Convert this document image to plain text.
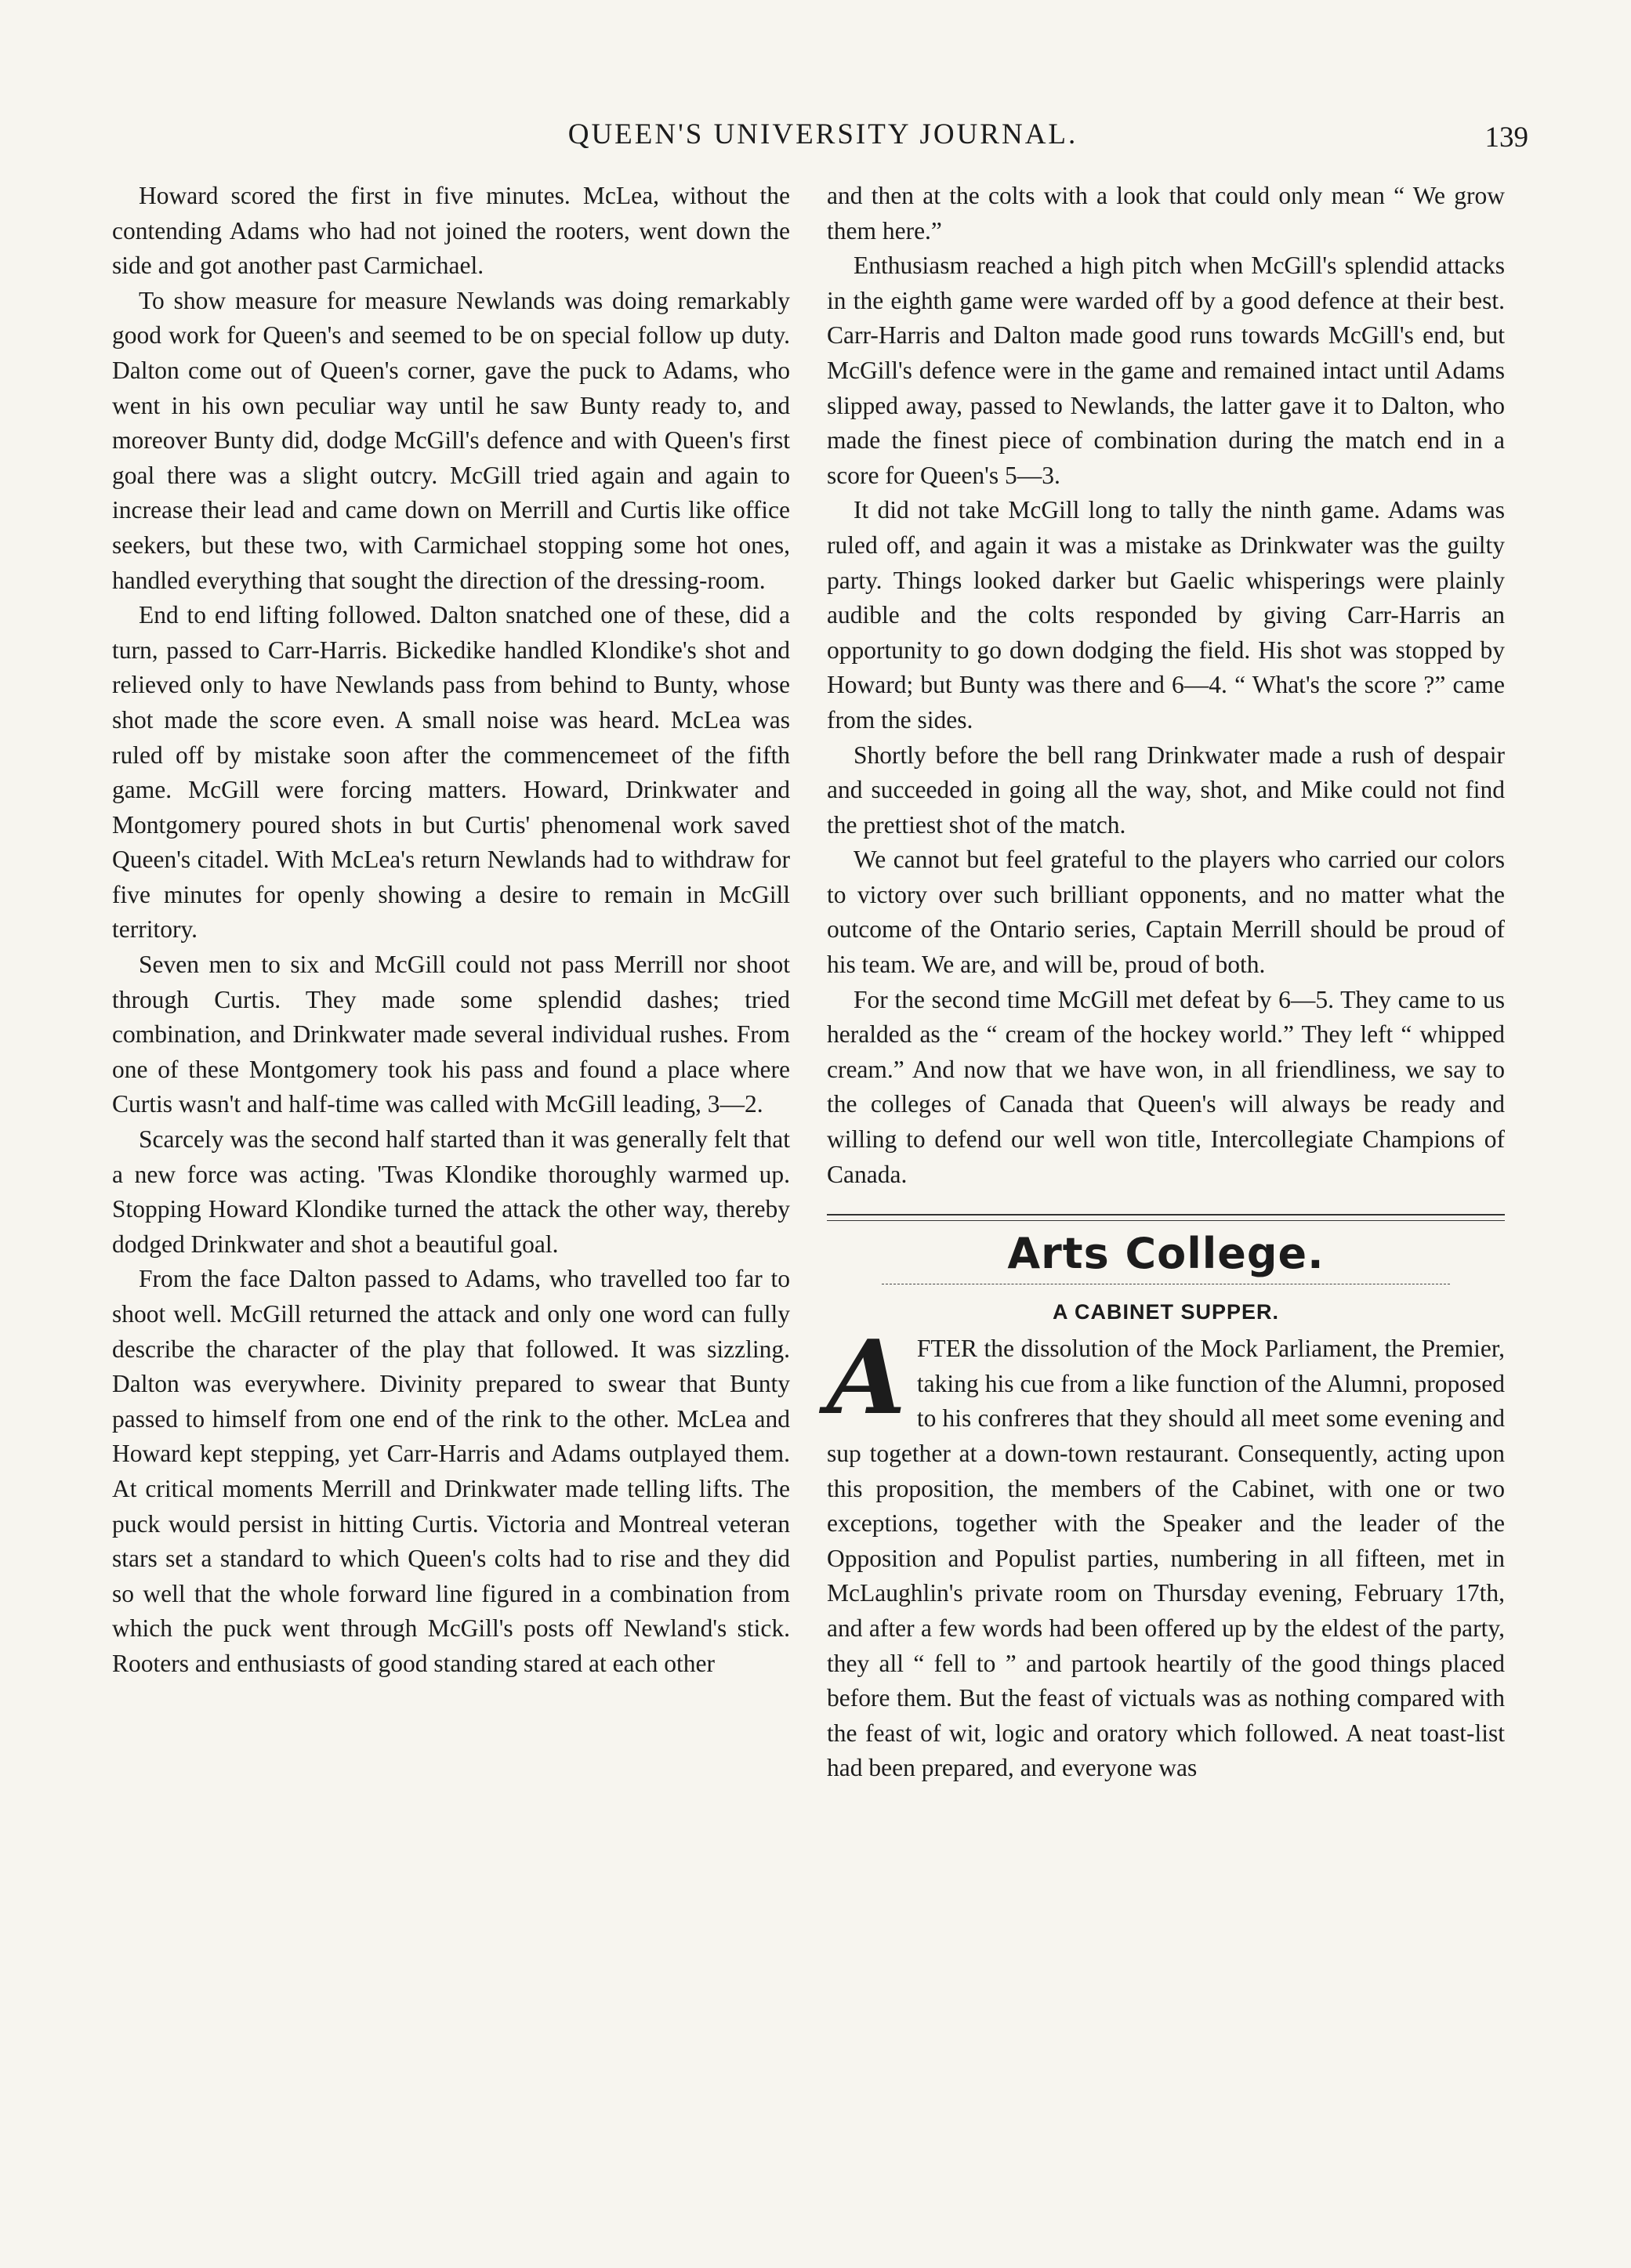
QUEEN'S UNIVERSITY JOURNAL.	139

Howard scored the first in five minutes. McLea, without the contending Adams who had not joined the rooters, went down the side and got another past Carmichael.

To show measure for measure Newlands was doing remarkably good work for Queen's and seemed to be on special follow up duty. Dalton come out of Queen's corner, gave the puck to Adams, who went in his own peculiar way until he saw Bunty ready to, and moreover Bunty did, dodge McGill's defence and with Queen's first goal there was a slight outcry. McGill tried again and again to increase their lead and came down on Merrill and Curtis like office seekers, but these two, with Carmichael stopping some hot ones, handled everything that sought the direction of the dressing-room.

End to end lifting followed. Dalton snatched one of these, did a turn, passed to Carr-Harris. Bickedike handled Klondike's shot and relieved only to have Newlands pass from behind to Bunty, whose shot made the score even. A small noise was heard. McLea was ruled off by mistake soon after the commencemeet of the fifth game. McGill were forcing matters. Howard, Drinkwater and Montgomery poured shots in but Curtis' phenomenal work saved Queen's citadel. With McLea's return Newlands had to withdraw for five minutes for openly showing a desire to remain in McGill territory.

Seven men to six and McGill could not pass Merrill nor shoot through Curtis. They made some splendid dashes; tried combination, and Drinkwater made several individual rushes. From one of these Montgomery took his pass and found a place where Curtis wasn't and half-time was called with McGill leading, 3—2.

Scarcely was the second half started than it was generally felt that a new force was acting. 'Twas Klondike thoroughly warmed up. Stopping Howard Klondike turned the attack the other way, thereby dodged Drinkwater and shot a beautiful goal.

From the face Dalton passed to Adams, who travelled too far to shoot well. McGill returned the attack and only one word can fully describe the character of the play that followed. It was sizzling. Dalton was everywhere. Divinity prepared to swear that Bunty passed to himself from one end of the rink to the other. McLea and Howard kept stepping, yet Carr-Harris and Adams outplayed them. At critical moments Merrill and Drinkwater made telling lifts. The puck would persist in hitting Curtis. Victoria and Montreal veteran stars set a standard to which Queen's colts had to rise and they did so well that the whole forward line figured in a combination from which the puck went through McGill's posts off Newland's stick. Rooters and enthusiasts of good standing stared at each other

and then at the colts with a look that could only mean “ We grow them here.”

Enthusiasm reached a high pitch when McGill's splendid attacks in the eighth game were warded off by a good defence at their best. Carr-Harris and Dalton made good runs towards McGill's end, but McGill's defence were in the game and remained intact until Adams slipped away, passed to Newlands, the latter gave it to Dalton, who made the finest piece of combination during the match end in a score for Queen's 5—3.

It did not take McGill long to tally the ninth game. Adams was ruled off, and again it was a mistake as Drinkwater was the guilty party. Things looked darker but Gaelic whisperings were plainly audible and the colts responded by giving Carr-Harris an opportunity to go down dodging the field. His shot was stopped by Howard; but Bunty was there and 6—4. “ What's the score ?” came from the sides.

Shortly before the bell rang Drinkwater made a rush of despair and succeeded in going all the way, shot, and Mike could not find the prettiest shot of the match.

We cannot but feel grateful to the players who carried our colors to victory over such brilliant opponents, and no matter what the outcome of the Ontario series, Captain Merrill should be proud of his team. We are, and will be, proud of both.

For the second time McGill met defeat by 6—5. They came to us heralded as the “ cream of the hockey world.” They left “ whipped cream.” And now that we have won, in all friendliness, we say to the colleges of Canada that Queen's will always be ready and willing to defend our well won title, Intercollegiate Champions of Canada.

Arts College.
A CABINET SUPPER.

AFTER the dissolution of the Mock Parliament, the Premier, taking his cue from a like function of the Alumni, proposed to his confreres that they should all meet some evening and sup together at a down-town restaurant. Consequently, acting upon this proposition, the members of the Cabinet, with one or two exceptions, together with the Speaker and the leader of the Opposition and Populist parties, numbering in all fifteen, met in McLaughlin's private room on Thursday evening, February 17th, and after a few words had been offered up by the eldest of the party, they all “ fell to ” and partook heartily of the good things placed before them. But the feast of victuals was as nothing compared with the feast of wit, logic and oratory which followed. A neat toast-list had been prepared, and everyone was
